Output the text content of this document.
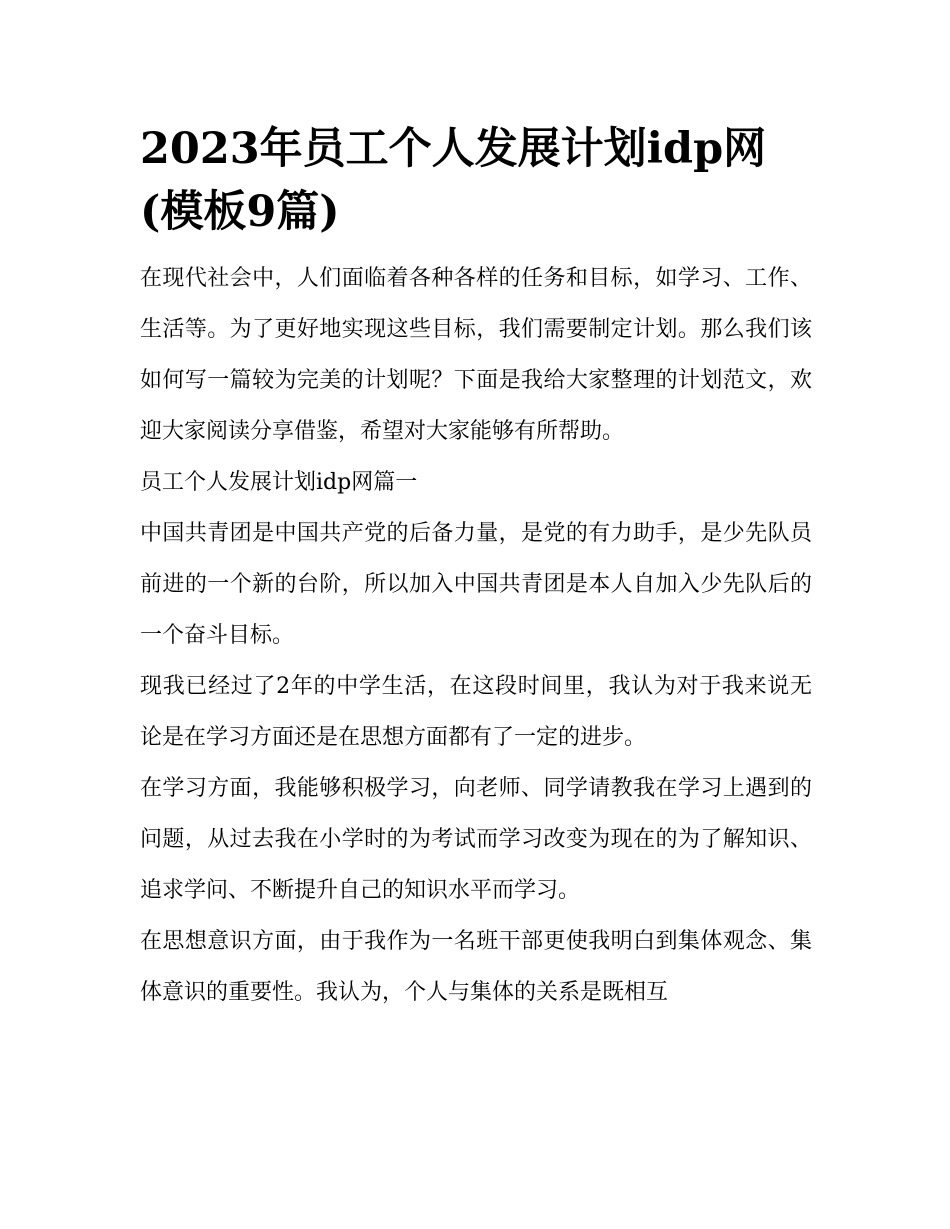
2023年员工个人发展计划idp网(模板9篇)

在现代社会中，人们面临着各种各样的任务和目标，如学习、工作、生活等。为了更好地实现这些目标，我们需要制定计划。那么我们该如何写一篇较为完美的计划呢？下面是我给大家整理的计划范文，欢迎大家阅读分享借鉴，希望对大家能够有所帮助。

员工个人发展计划idp网篇一

中国共青团是中国共产党的后备力量，是党的有力助手，是少先队员前进的一个新的台阶，所以加入中国共青团是本人自加入少先队后的一个奋斗目标。

现我已经过了2年的中学生活，在这段时间里，我认为对于我来说无论是在学习方面还是在思想方面都有了一定的进步。

在学习方面，我能够积极学习，向老师、同学请教我在学习上遇到的问题，从过去我在小学时的为考试而学习改变为现在的为了解知识、追求学问、不断提升自己的知识水平而学习。

在思想意识方面，由于我作为一名班干部更使我明白到集体观念、集体意识的重要性。我认为，个人与集体的关系是既相互
